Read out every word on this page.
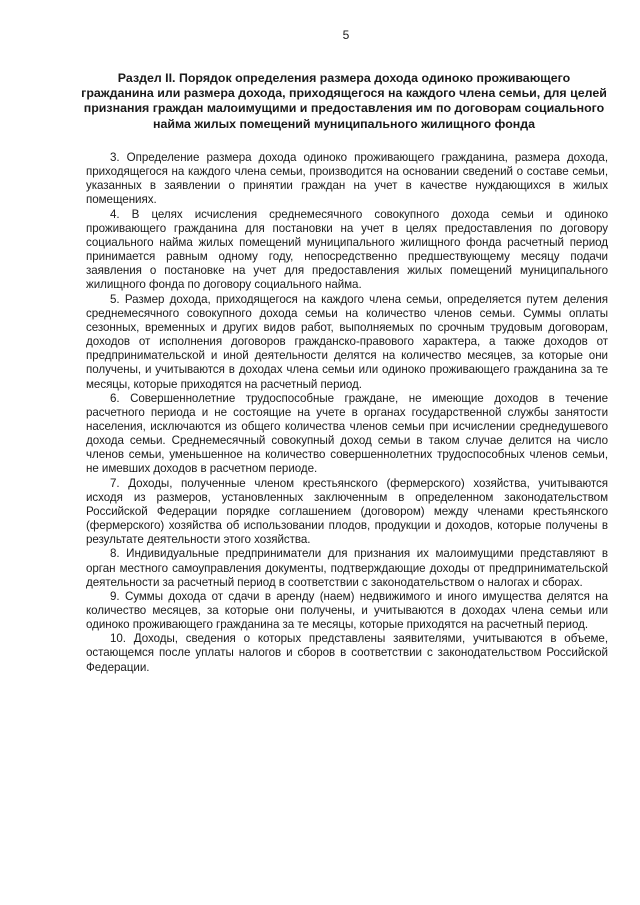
5
Раздел II. Порядок определения размера дохода одиноко проживающего гражданина или размера дохода, приходящегося на каждого члена семьи, для целей признания граждан малоимущими и предоставления им по договорам социального найма жилых помещений муниципального жилищного фонда

3. Определение размера дохода одиноко проживающего гражданина, размера дохода, приходящегося на каждого члена семьи, производится на основании сведений о составе семьи, указанных в заявлении о принятии граждан на учет в качестве нуждающихся в жилых помещениях.

4. В целях исчисления среднемесячного совокупного дохода семьи и одиноко проживающего гражданина для постановки на учет в целях предоставления по договору социального найма жилых помещений муниципального жилищного фонда расчетный период принимается равным одному году, непосредственно предшествующему месяцу подачи заявления о постановке на учет для предоставления жилых помещений муниципального жилищного фонда по договору социального найма.

5. Размер дохода, приходящегося на каждого члена семьи, определяется путем деления среднемесячного совокупного дохода семьи на количество членов семьи. Суммы оплаты сезонных, временных и других видов работ, выполняемых по срочным трудовым договорам, доходов от исполнения договоров гражданско-правового характера, а также доходов от предпринимательской и иной деятельности делятся на количество месяцев, за которые они получены, и учитываются в доходах члена семьи или одиноко проживающего гражданина за те месяцы, которые приходятся на расчетный период.

6. Совершеннолетние трудоспособные граждане, не имеющие доходов в течение расчетного периода и не состоящие на учете в органах государственной службы занятости населения, исключаются из общего количества членов семьи при исчислении среднедушевого дохода семьи. Среднемесячный совокупный доход семьи в таком случае делится на число членов семьи, уменьшенное на количество совершеннолетних трудоспособных членов семьи, не имевших доходов в расчетном периоде.

7. Доходы, полученные членом крестьянского (фермерского) хозяйства, учитываются исходя из размеров, установленных заключенным в определенном законодательством Российской Федерации порядке соглашением (договором) между членами крестьянского (фермерского) хозяйства об использовании плодов, продукции и доходов, которые получены в результате деятельности этого хозяйства.

8. Индивидуальные предприниматели для признания их малоимущими представляют в орган местного самоуправления документы, подтверждающие доходы от предпринимательской деятельности за расчетный период в соответствии с законодательством о налогах и сборах.

9. Суммы дохода от сдачи в аренду (наем) недвижимого и иного имущества делятся на количество месяцев, за которые они получены, и учитываются в доходах члена семьи или одиноко проживающего гражданина за те месяцы, которые приходятся на расчетный период.

10. Доходы, сведения о которых представлены заявителями, учитываются в объеме, остающемся после уплаты налогов и сборов в соответствии с законодательством Российской Федерации.
